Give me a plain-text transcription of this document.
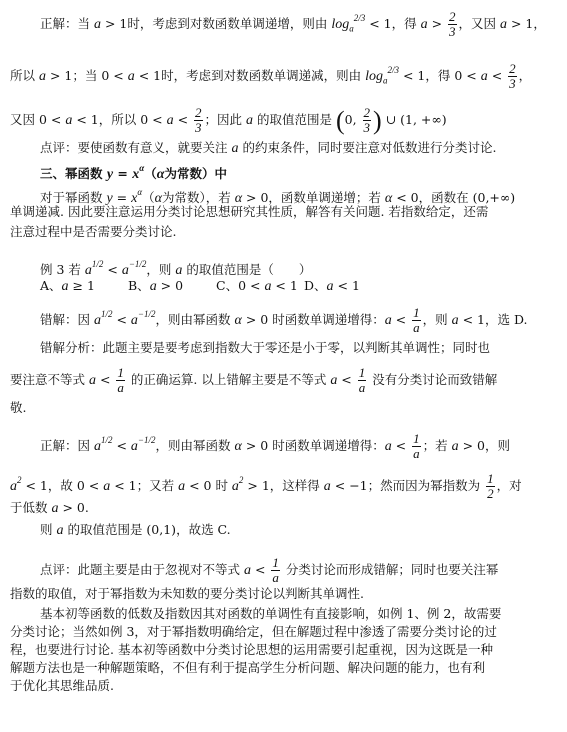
正解：当 a > 1时，考虑到对数函数单调递增，则由 $\log_a^{2/3} < 1$，得 $a > \frac{2}{3}$ ，又因 a > 1，
所以 a > 1；当 0 < a < 1时，考虑到对数函数单调递减，则由 $\log_a^{2/3} < 1$，得 $0 < a < \frac{2}{3}$ ，
又因 0 < a < 1，所以 $0 < a < \frac{2}{3}$ ；因此 a 的取值范围是 (0, $\frac{2}{3}$ ) ∪ (1, +∞)
点评：要使函数有意义，就要关注 a 的约束条件，同时要注意对低数进行分类讨论.
三、幂函数 $y = x^\alpha(\alpha$为常数）中
对于幂函数 $y = x^\alpha(\alpha$为常数），若 α > 0，函数单调递增；若 α < 0，函数在 (0,+∞)
单调递减. 因此要注意运用分类讨论思想研究其性质，解答有关问题. 若指数给定，还需
注意过程中是否需要分类讨论.
例 3 若 $a^{1/2} < a^{-1/2}$，则 a 的取值范围是（　　）
A、a ≥ 1	B、a > 0	C、0 < a < 1 D、a < 1
错解：因 $a^{1/2} < a^{-1/2}$，则由幂函数 α > 0 时函数单调递增得：$a < \frac{1}{a}$ ，则 a < 1，选 D.
错解分析：此题主要是要考虑到指数大于零还是小于零，以判断其单调性；同时也
要注意不等式 $a < \frac{1}{a}$ 的正确运算. 以上错解主要是不等式 $a < \frac{1}{a}$ 没有分类讨论而致错解
敬.
正解：因 $a^{1/2} < a^{-1/2}$，则由幂函数 α > 0 时函数单调递增得：$a < \frac{1}{a}$ ；若 a > 0，则
$a^2 < 1$，故 0 < a < 1；又若 a < 0 时 $a^2 > 1$，这样得 a < −1；然而因为幂指数为 $\frac{1}{2}$ ，对
于低数 a > 0.
则 a 的取值范围是 (0,1)，故选 C.
点评：此题主要是由于忽视对不等式 $a < \frac{1}{a}$ 分类讨论而形成错解；同时也要关注幂
指数的取值，对于幂指数为未知数的要分类讨论以判断其单调性.
基本初等函数的低数及指数因其对函数的单调性有直接影响，如例 1、例 2，故需要
分类讨论；当然如例 3，对于幂指数明确给定，但在解题过程中渗透了需要分类讨论的过
程，也要进行讨论. 基本初等函数中分类讨论思想的运用需要引起重视，因为这既是一种
解题方法也是一种解题策略，不但有利于提高学生分析问题、解决问题的能力，也有利
于优化其思维品质.
